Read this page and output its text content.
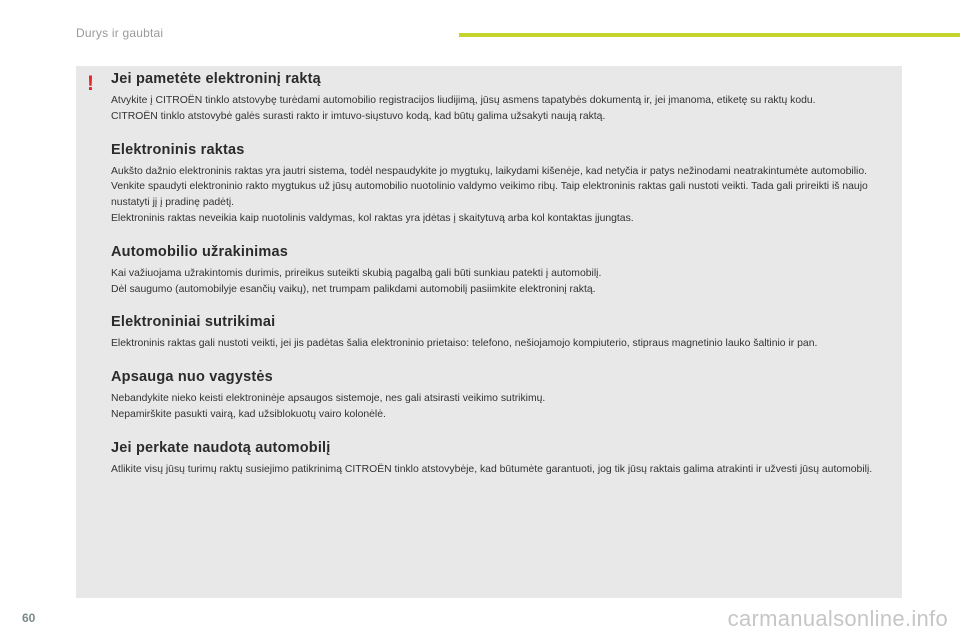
Durys ir gaubtai
! Jei pametėte elektroninį raktą

Atvykite į CITROËN tinklo atstovybę turėdami automobilio registracijos liudijimą, jūsų asmens tapatybės dokumentą ir, jei įmanoma, etiketę su raktų kodu.

CITROËN tinklo atstovybė galės surasti rakto ir imtuvo-siųstuvo kodą, kad būtų galima užsakyti naują raktą.

Elektroninis raktas

Aukšto dažnio elektroninis raktas yra jautri sistema, todėl nespaudykite jo mygtukų, laikydami kišenėje, kad netyčia ir patys nežinodami neatrakintumėte automobilio.

Venkite spaudyti elektroninio rakto mygtukus už jūsų automobilio nuotolinio valdymo veikimo ribų. Taip elektroninis raktas gali nustoti veikti. Tada gali prireikti iš naujo nustatyti jį į pradinę padėtį.

Elektroninis raktas neveikia kaip nuotolinis valdymas, kol raktas yra įdėtas į skaitytuvą arba kol kontaktas įjungtas.

Automobilio užrakinimas

Kai važiuojama užrakintomis durimis, prireikus suteikti skubią pagalbą gali būti sunkiau patekti į automobilį.

Dėl saugumo (automobilyje esančių vaikų), net trumpam palikdami automobilį pasiimkite elektroninį raktą.

Elektroniniai sutrikimai

Elektroninis raktas gali nustoti veikti, jei jis padėtas šalia elektroninio prietaiso: telefono, nešiojamojo kompiuterio, stipraus magnetinio lauko šaltinio ir pan.

Apsauga nuo vagystės

Nebandykite nieko keisti elektroninėje apsaugos sistemoje, nes gali atsirasti veikimo sutrikimų.

Nepamirškite pasukti vairą, kad užsiblokuotų vairo kolonėlė.

Jei perkate naudotą automobilį

Atlikite visų jūsų turimų raktų susiejimo patikrinimą CITROËN tinklo atstovybėje, kad būtumėte garantuoti, jog tik jūsų raktais galima atrakinti ir užvesti jūsų automobilį.

60	carmanualsonline.info
